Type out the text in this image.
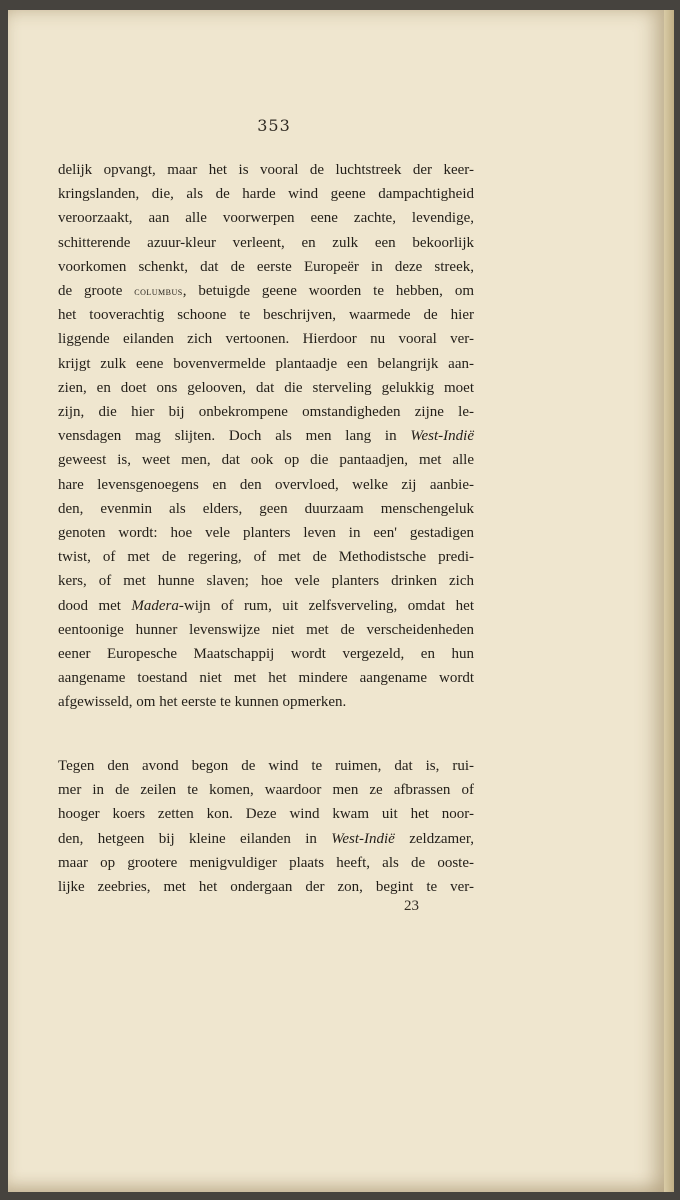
353

delijk opvangt, maar het is vooral de luchtstreek der keer-
kringslanden, die, als de harde wind geene dampachtigheid
veroorzaakt, aan alle voorwerpen eene zachte, levendige,
schitterende azuur-kleur verleent, en zulk een bekoorlijk
voorkomen schenkt, dat de eerste Europeër in deze streek,
de groote columbus, betuigde geene woorden te hebben, om
het tooverachtig schoone te beschrijven, waarmede de hier
liggende eilanden zich vertoonen. Hierdoor nu vooral ver-
krijgt zulk eene bovenvermelde plantaadje een belangrijk aan-
zien, en doet ons gelooven, dat die sterveling gelukkig moet
zijn, die hier bij onbekrompene omstandigheden zijne le-
vensdagen mag slijten. Doch als men lang in West-Indië
geweest is, weet men, dat ook op die pantaadjen, met alle
hare levensgenoegens en den overvloed, welke zij aanbie-
den, evenmin als elders, geen duurzaam menschengeluk
genoten wordt: hoe vele planters leven in een' gestadigen
twist, of met de regering, of met de Methodistsche predi-
kers, of met hunne slaven; hoe vele planters drinken zich
dood met Madera-wijn of rum, uit zelfsverveling, omdat het
eentoonige hunner levenswijze niet met de verscheidenheden
eener Europesche Maatschappij wordt vergezeld, en hun
aangename toestand niet met het mindere aangename wordt
afgewisseld, om het eerste te kunnen opmerken.

Tegen den avond begon de wind te ruimen, dat is, rui-
mer in de zeilen te komen, waardoor men ze afbrassen of
hooger koers zetten kon. Deze wind kwam uit het noor-
den, hetgeen bij kleine eilanden in West-Indië zeldzamer,
maar op grootere menigvuldiger plaats heeft, als de ooste-
lijke zeebries, met het ondergaan der zon, begint te ver-

23
